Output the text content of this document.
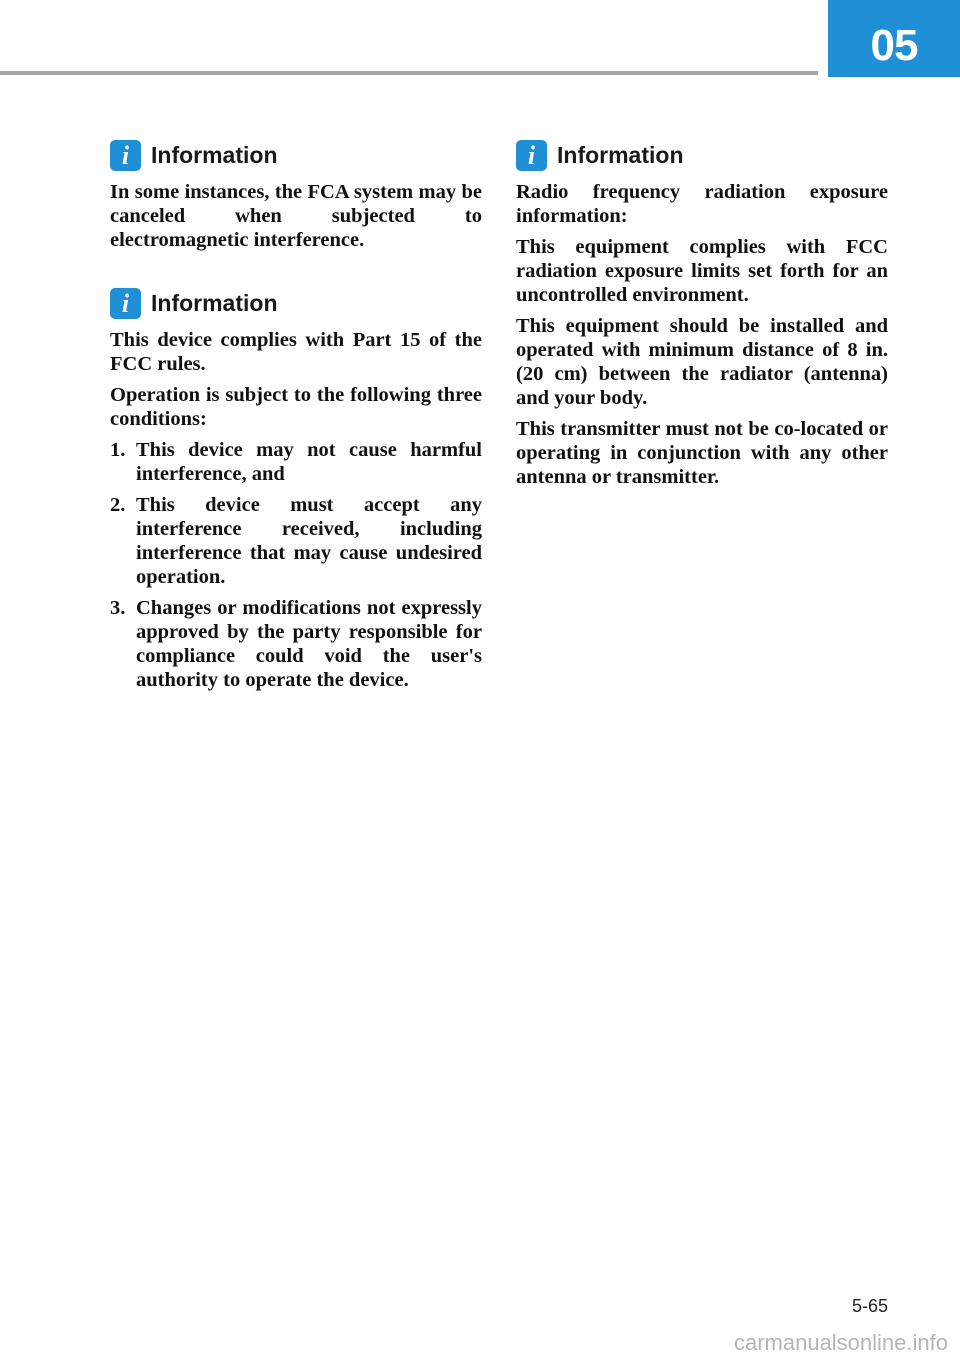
05
i Information

In some instances, the FCA system may be canceled when subjected to electromagnetic interference.

i Information

This device complies with Part 15 of the FCC rules.

Operation is subject to the following three conditions:

1. This device may not cause harmful interference, and
2. This device must accept any interference received, including interference that may cause undesired operation.
3. Changes or modifications not expressly approved by the party responsible for compliance could void the user's authority to operate the device.
i Information

Radio frequency radiation exposure information:

This equipment complies with FCC radiation exposure limits set forth for an uncontrolled environment.

This equipment should be installed and operated with minimum distance of 8 in. (20 cm) between the radiator (antenna) and your body.

This transmitter must not be co-located or operating in conjunction with any other antenna or transmitter.

5-65
carmanualsonline.info
